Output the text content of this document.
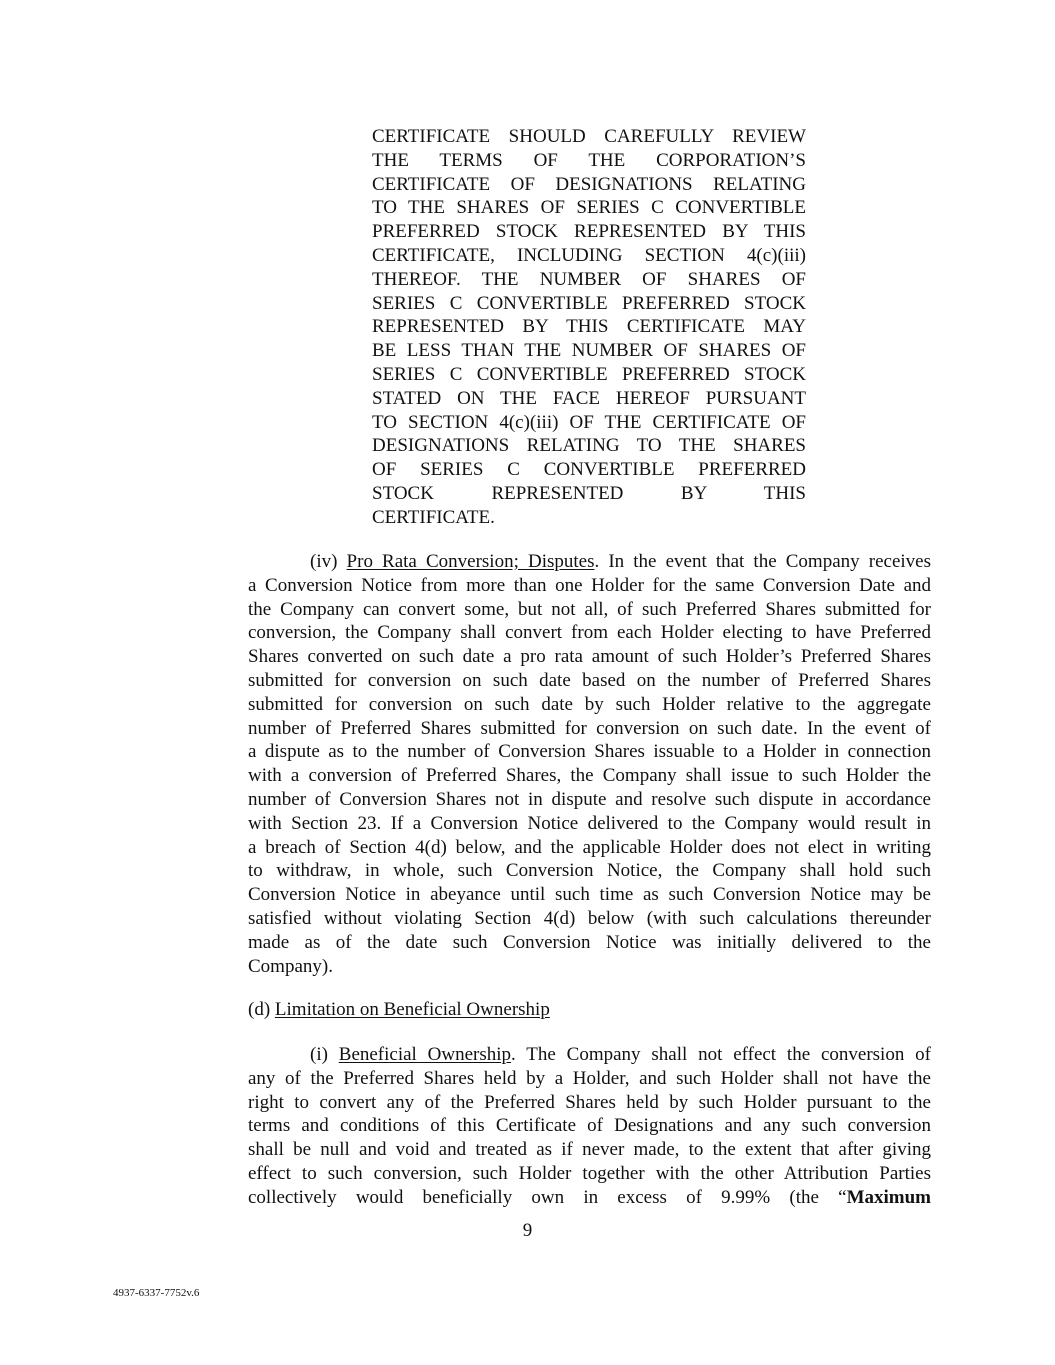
CERTIFICATE SHOULD CAREFULLY REVIEW
THE TERMS OF THE CORPORATION’S
CERTIFICATE OF DESIGNATIONS RELATING
TO THE SHARES OF SERIES C CONVERTIBLE
PREFERRED STOCK REPRESENTED BY THIS
CERTIFICATE, INCLUDING SECTION 4(c)(iii)
THEREOF. THE NUMBER OF SHARES OF
SERIES C CONVERTIBLE PREFERRED STOCK
REPRESENTED BY THIS CERTIFICATE MAY
BE LESS THAN THE NUMBER OF SHARES OF
SERIES C CONVERTIBLE PREFERRED STOCK
STATED ON THE FACE HEREOF PURSUANT
TO SECTION 4(c)(iii) OF THE CERTIFICATE OF
DESIGNATIONS RELATING TO THE SHARES
OF SERIES C CONVERTIBLE PREFERRED
STOCK REPRESENTED BY THIS
CERTIFICATE.
(iv) Pro Rata Conversion; Disputes. In the event that the Company receives
a Conversion Notice from more than one Holder for the same Conversion Date and
the Company can convert some, but not all, of such Preferred Shares submitted for
conversion, the Company shall convert from each Holder electing to have Preferred
Shares converted on such date a pro rata amount of such Holder’s Preferred Shares
submitted for conversion on such date based on the number of Preferred Shares
submitted for conversion on such date by such Holder relative to the aggregate
number of Preferred Shares submitted for conversion on such date. In the event of
a dispute as to the number of Conversion Shares issuable to a Holder in connection
with a conversion of Preferred Shares, the Company shall issue to such Holder the
number of Conversion Shares not in dispute and resolve such dispute in accordance
with Section 23. If a Conversion Notice delivered to the Company would result in
a breach of Section 4(d) below, and the applicable Holder does not elect in writing
to withdraw, in whole, such Conversion Notice, the Company shall hold such
Conversion Notice in abeyance until such time as such Conversion Notice may be
satisfied without violating Section 4(d) below (with such calculations thereunder
made as of the date such Conversion Notice was initially delivered to the
Company).
(d) Limitation on Beneficial Ownership
(i) Beneficial Ownership. The Company shall not effect the conversion of
any of the Preferred Shares held by a Holder, and such Holder shall not have the
right to convert any of the Preferred Shares held by such Holder pursuant to the
terms and conditions of this Certificate of Designations and any such conversion
shall be null and void and treated as if never made, to the extent that after giving
effect to such conversion, such Holder together with the other Attribution Parties
collectively would beneficially own in excess of 9.99% (the “Maximum
9
4937-6337-7752v.6
